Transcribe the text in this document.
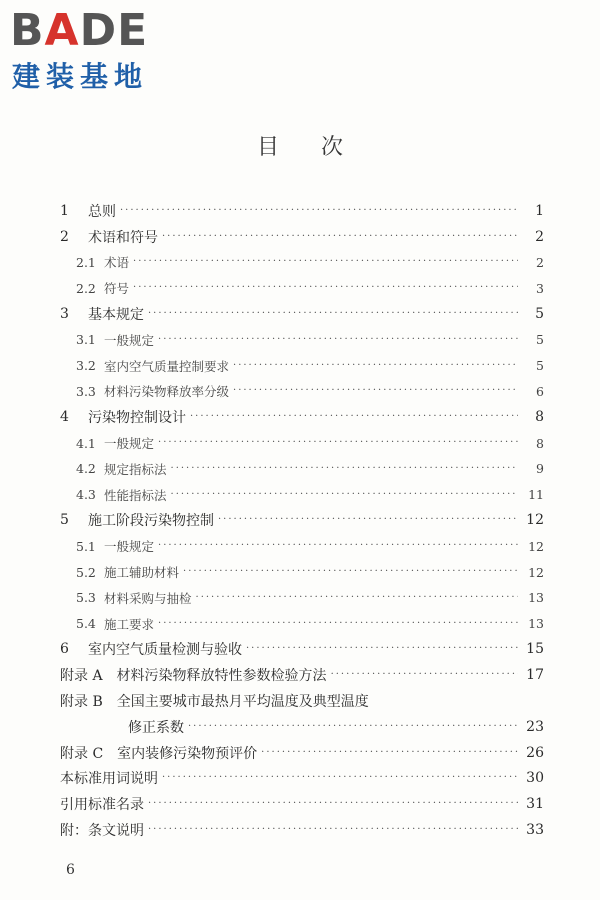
BADE
建装基地
目次
1	总则 ·····	1
2	术语和符号 ·····	2
2.1 术语 ·····	2
2.2 符号 ·····	3
3	基本规定 ·····	5
3.1 一般规定 ·····	5
3.2 室内空气质量控制要求 ·····	5
3.3 材料污染物释放率分级 ·····	6
4	污染物控制设计 ·····	8
4.1 一般规定 ·····	8
4.2 规定指标法 ·····	9
4.3 性能指标法 ·····	11
5	施工阶段污染物控制 ·····	12
5.1 一般规定 ·····	12
5.2 施工辅助材料 ·····	12
5.3 材料采购与抽检 ·····	13
5.4 施工要求 ·····	13
6	室内空气质量检测与验收 ·····	15
附录 A　材料污染物释放特性参数检验方法 ·····	17
附录 B　全国主要城市最热月平均温度及典型温度
修正系数 ·····	23
附录 C　室内装修污染物预评价 ·····	26
本标准用词说明 ·····	30
引用标准名录 ·····	31
附：条文说明 ·····	33
6
